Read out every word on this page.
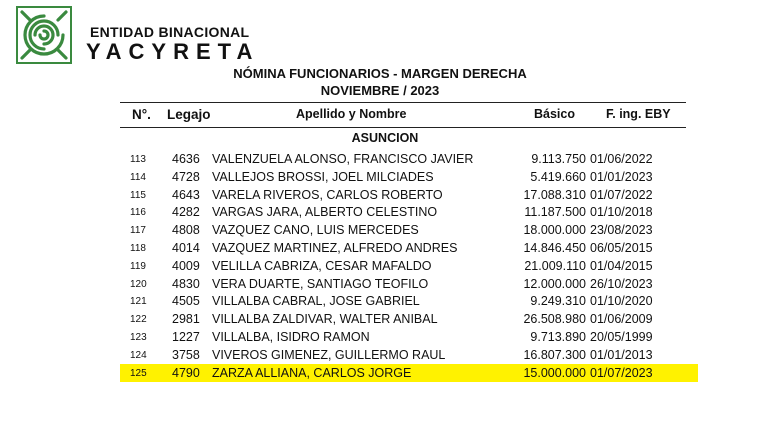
ENTIDAD BINACIONAL
YACYRETA
NÓMINA FUNCIONARIOS - MARGEN DERECHA
NOVIEMBRE / 2023
N°. Legajo	Apellido y Nombre	Básico F. ing. EBY
ASUNCION
113 4636 VALENZUELA ALONSO, FRANCISCO JAVIER	9.113.750 01/06/2022
114 4728 VALLEJOS BROSSI, JOEL MILCIADES	5.419.660 01/01/2023
115 4643 VARELA RIVEROS, CARLOS ROBERTO	17.088.310 01/07/2022
116 4282 VARGAS JARA, ALBERTO CELESTINO	11.187.500 01/10/2018
117 4808 VAZQUEZ CANO, LUIS MERCEDES	18.000.000 23/08/2023
118 4014 VAZQUEZ MARTINEZ, ALFREDO ANDRES	14.846.450 06/05/2015
119 4009 VELILLA CABRIZA, CESAR MAFALDO	21.009.110 01/04/2015
120 4830 VERA DUARTE, SANTIAGO TEOFILO	12.000.000 26/10/2023
121 4505 VILLALBA CABRAL, JOSE GABRIEL	9.249.310 01/10/2020
122 2981 VILLALBA ZALDIVAR, WALTER ANIBAL	26.508.980 01/06/2009
123 1227 VILLALBA, ISIDRO RAMON	9.713.890 20/05/1999
124 3758 VIVEROS GIMENEZ, GUILLERMO RAUL	16.807.300 01/01/2013
125 4790 ZARZA ALLIANA, CARLOS JORGE	15.000.000 01/07/2023
